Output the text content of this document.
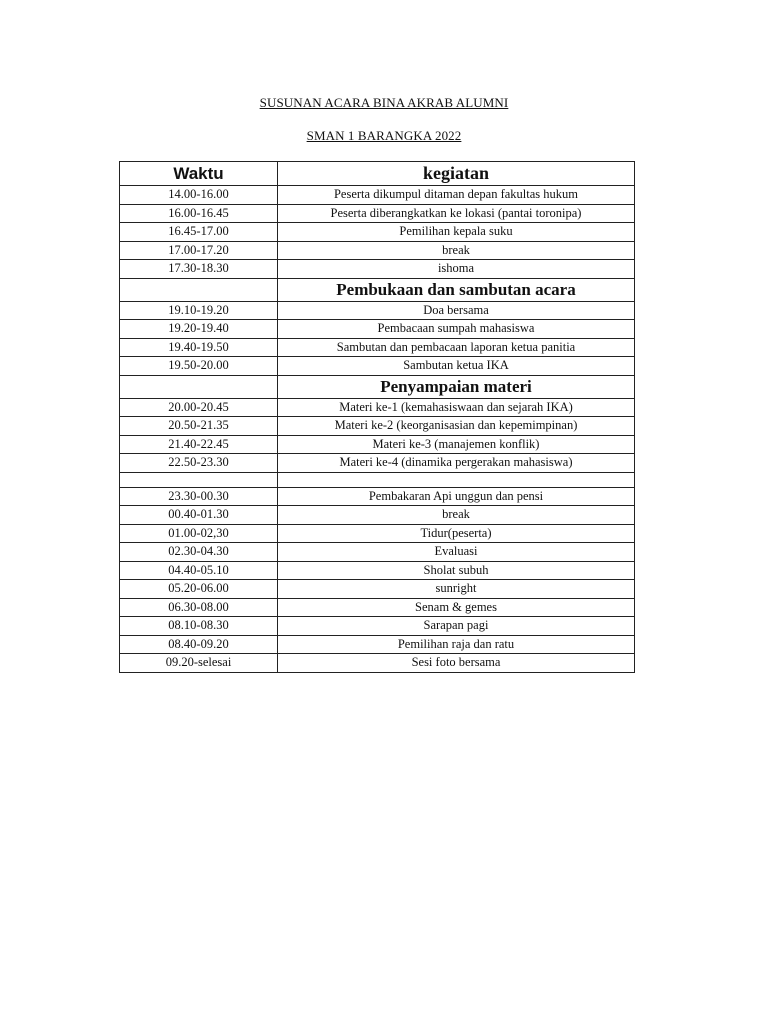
SUSUNAN ACARA BINA AKRAB ALUMNI
SMAN 1 BARANGKA 2022
Waktu	kegiatan
14.00-16.00	Peserta dikumpul ditaman depan fakultas hukum
16.00-16.45	Peserta diberangkatkan ke lokasi (pantai toronipa)
16.45-17.00	Pemilihan kepala suku
17.00-17.20	break
17.30-18.30	ishoma
	Pembukaan dan sambutan acara
19.10-19.20	Doa bersama
19.20-19.40	Pembacaan sumpah mahasiswa
19.40-19.50	Sambutan dan pembacaan laporan ketua panitia
19.50-20.00	Sambutan ketua IKA
	Penyampaian materi
20.00-20.45	Materi ke-1 (kemahasiswaan dan sejarah IKA)
20.50-21.35	Materi ke-2 (keorganisasian dan kepemimpinan)
21.40-22.45	Materi ke-3 (manajemen konflik)
22.50-23.30	Materi ke-4 (dinamika pergerakan mahasiswa)

23.30-00.30	Pembakaran Api unggun dan pensi
00.40-01.30	break
01.00-02,30	Tidur(peserta)
02.30-04.30	Evaluasi
04.40-05.10	Sholat subuh
05.20-06.00	sunright
06.30-08.00	Senam & gemes
08.10-08.30	Sarapan pagi
08.40-09.20	Pemilihan raja dan ratu
09.20-selesai	Sesi foto bersama
